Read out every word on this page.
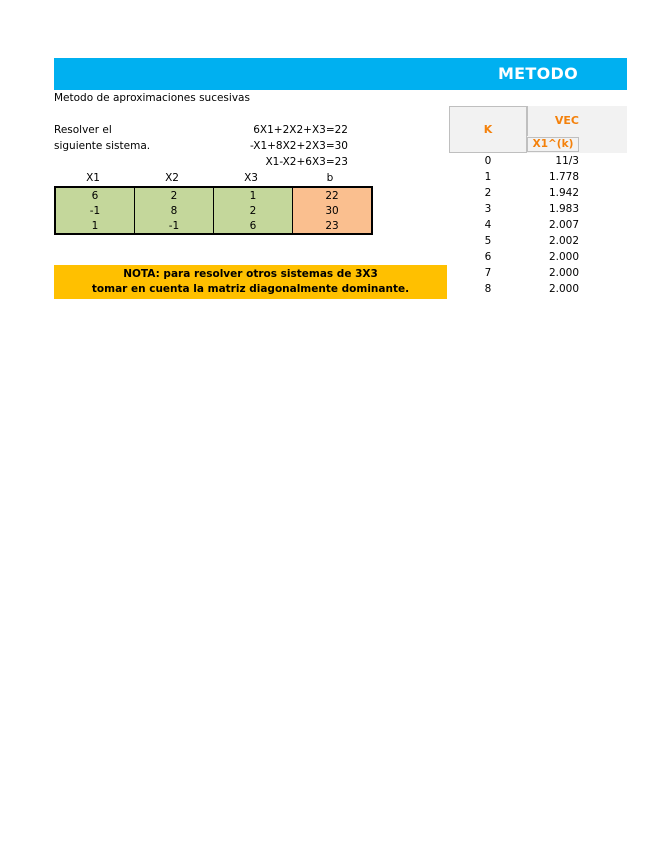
METODO
Metodo de aproximaciones sucesivas
Resolver el
siguiente sistema.
6X1+2X2+X3=22
-X1+8X2+2X3=30
X1-X2+6X3=23
X1	X2	X3	b
6	2	1	22
-1	8	2	30
1	-1	6	23
NOTA: para resolver otros sistemas de 3X3
tomar en cuenta la matriz diagonalmente dominante.
K
VEC
X1^(k)
0	11/3
1	1.778
2	1.942
3	1.983
4	2.007
5	2.002
6	2.000
7	2.000
8	2.000
